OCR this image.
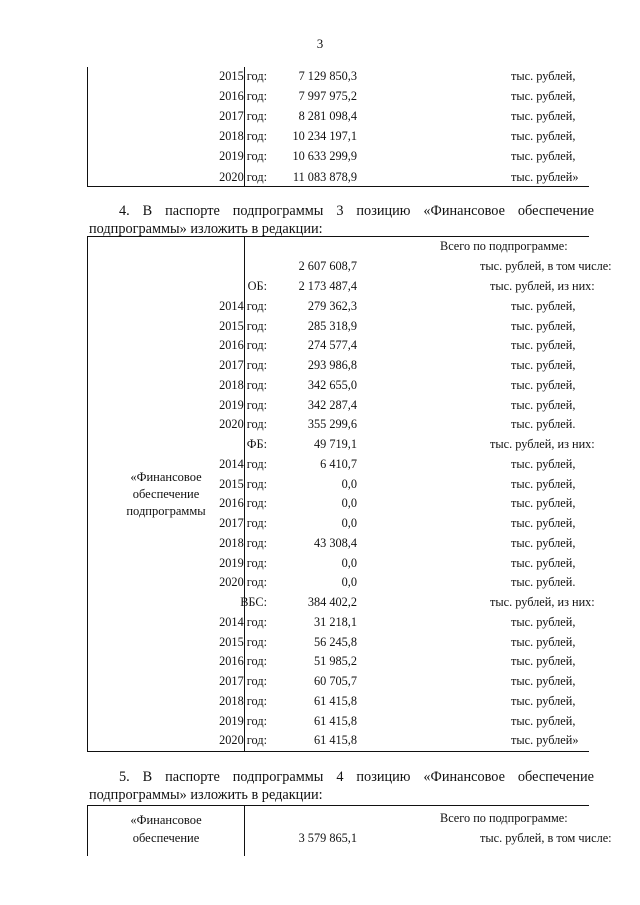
3
2015 год:	7 129 850,3	тыс. рублей,
2016 год:	7 997 975,2	тыс. рублей,
2017 год:	8 281 098,4	тыс. рублей,
2018 год: 10 234 197,1	тыс. рублей,
2019 год: 10 633 299,9	тыс. рублей,
2020 год: 11 083 878,9	тыс. рублей»
4. В паспорте подпрограммы 3 позицию «Финансовое обеспечение
подпрограммы» изложить в редакции:
«Финансовое обеспечение подпрограммы
Всего по подпрограмме:
2 607 608,7	тыс. рублей, в том числе:
ОБ:	2 173 487,4	тыс. рублей, из них:
2014 год:	279 362,3	тыс. рублей,
2015 год:	285 318,9	тыс. рублей,
2016 год:	274 577,4	тыс. рублей,
2017 год:	293 986,8	тыс. рублей,
2018 год:	342 655,0	тыс. рублей,
2019 год:	342 287,4	тыс. рублей,
2020 год:	355 299,6	тыс. рублей.
ФБ:	49 719,1	тыс. рублей, из них:
2014 год:	6 410,7	тыс. рублей,
2015 год:	0,0	тыс. рублей,
2016 год:	0,0	тыс. рублей,
2017 год:	0,0	тыс. рублей,
2018 год:	43 308,4	тыс. рублей,
2019 год:	0,0	тыс. рублей,
2020 год:	0,0	тыс. рублей.
ВБС:	384 402,2	тыс. рублей, из них:
2014 год:	31 218,1	тыс. рублей,
2015 год:	56 245,8	тыс. рублей,
2016 год:	51 985,2	тыс. рублей,
2017 год:	60 705,7	тыс. рублей,
2018 год:	61 415,8	тыс. рублей,
2019 год:	61 415,8	тыс. рублей,
2020 год:	61 415,8	тыс. рублей»
5. В паспорте подпрограммы 4 позицию «Финансовое обеспечение
подпрограммы» изложить в редакции:
«Финансовое обеспечение
Всего по подпрограмме:
3 579 865,1	тыс. рублей, в том числе:
